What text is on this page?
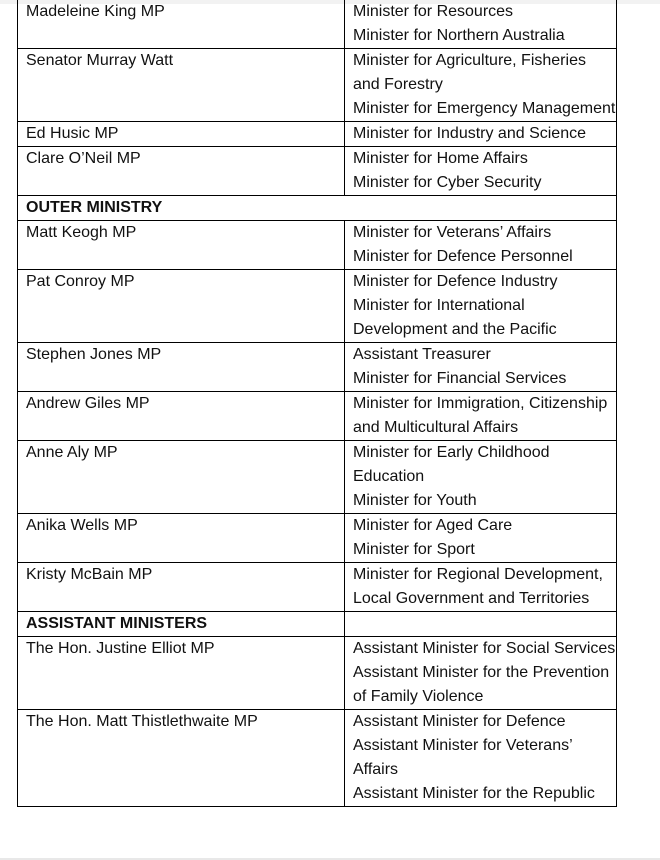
Madeleine King MP	Minister for Resources
Minister for Northern Australia

Senator Murray Watt	Minister for Agriculture, Fisheries and Forestry
Minister for Emergency Management

Ed Husic MP	Minister for Industry and Science

Clare O’Neil MP	Minister for Home Affairs
Minister for Cyber Security

OUTER MINISTRY	
Matt Keogh MP	Minister for Veterans’ Affairs
Minister for Defence Personnel

Pat Conroy MP	Minister for Defence Industry
Minister for International Development and the Pacific

Stephen Jones MP	Assistant Treasurer
Minister for Financial Services

Andrew Giles MP	Minister for Immigration, Citizenship and Multicultural Affairs

Anne Aly MP	Minister for Early Childhood Education
Minister for Youth

Anika Wells MP	Minister for Aged Care
Minister for Sport

Kristy McBain MP	Minister for Regional Development, Local Government and Territories

ASSISTANT MINISTERS	
The Hon. Justine Elliot MP	Assistant Minister for Social Services
Assistant Minister for the Prevention of Family Violence

The Hon. Matt Thistlethwaite MP	Assistant Minister for Defence
Assistant Minister for Veterans’ Affairs
Assistant Minister for the Republic
